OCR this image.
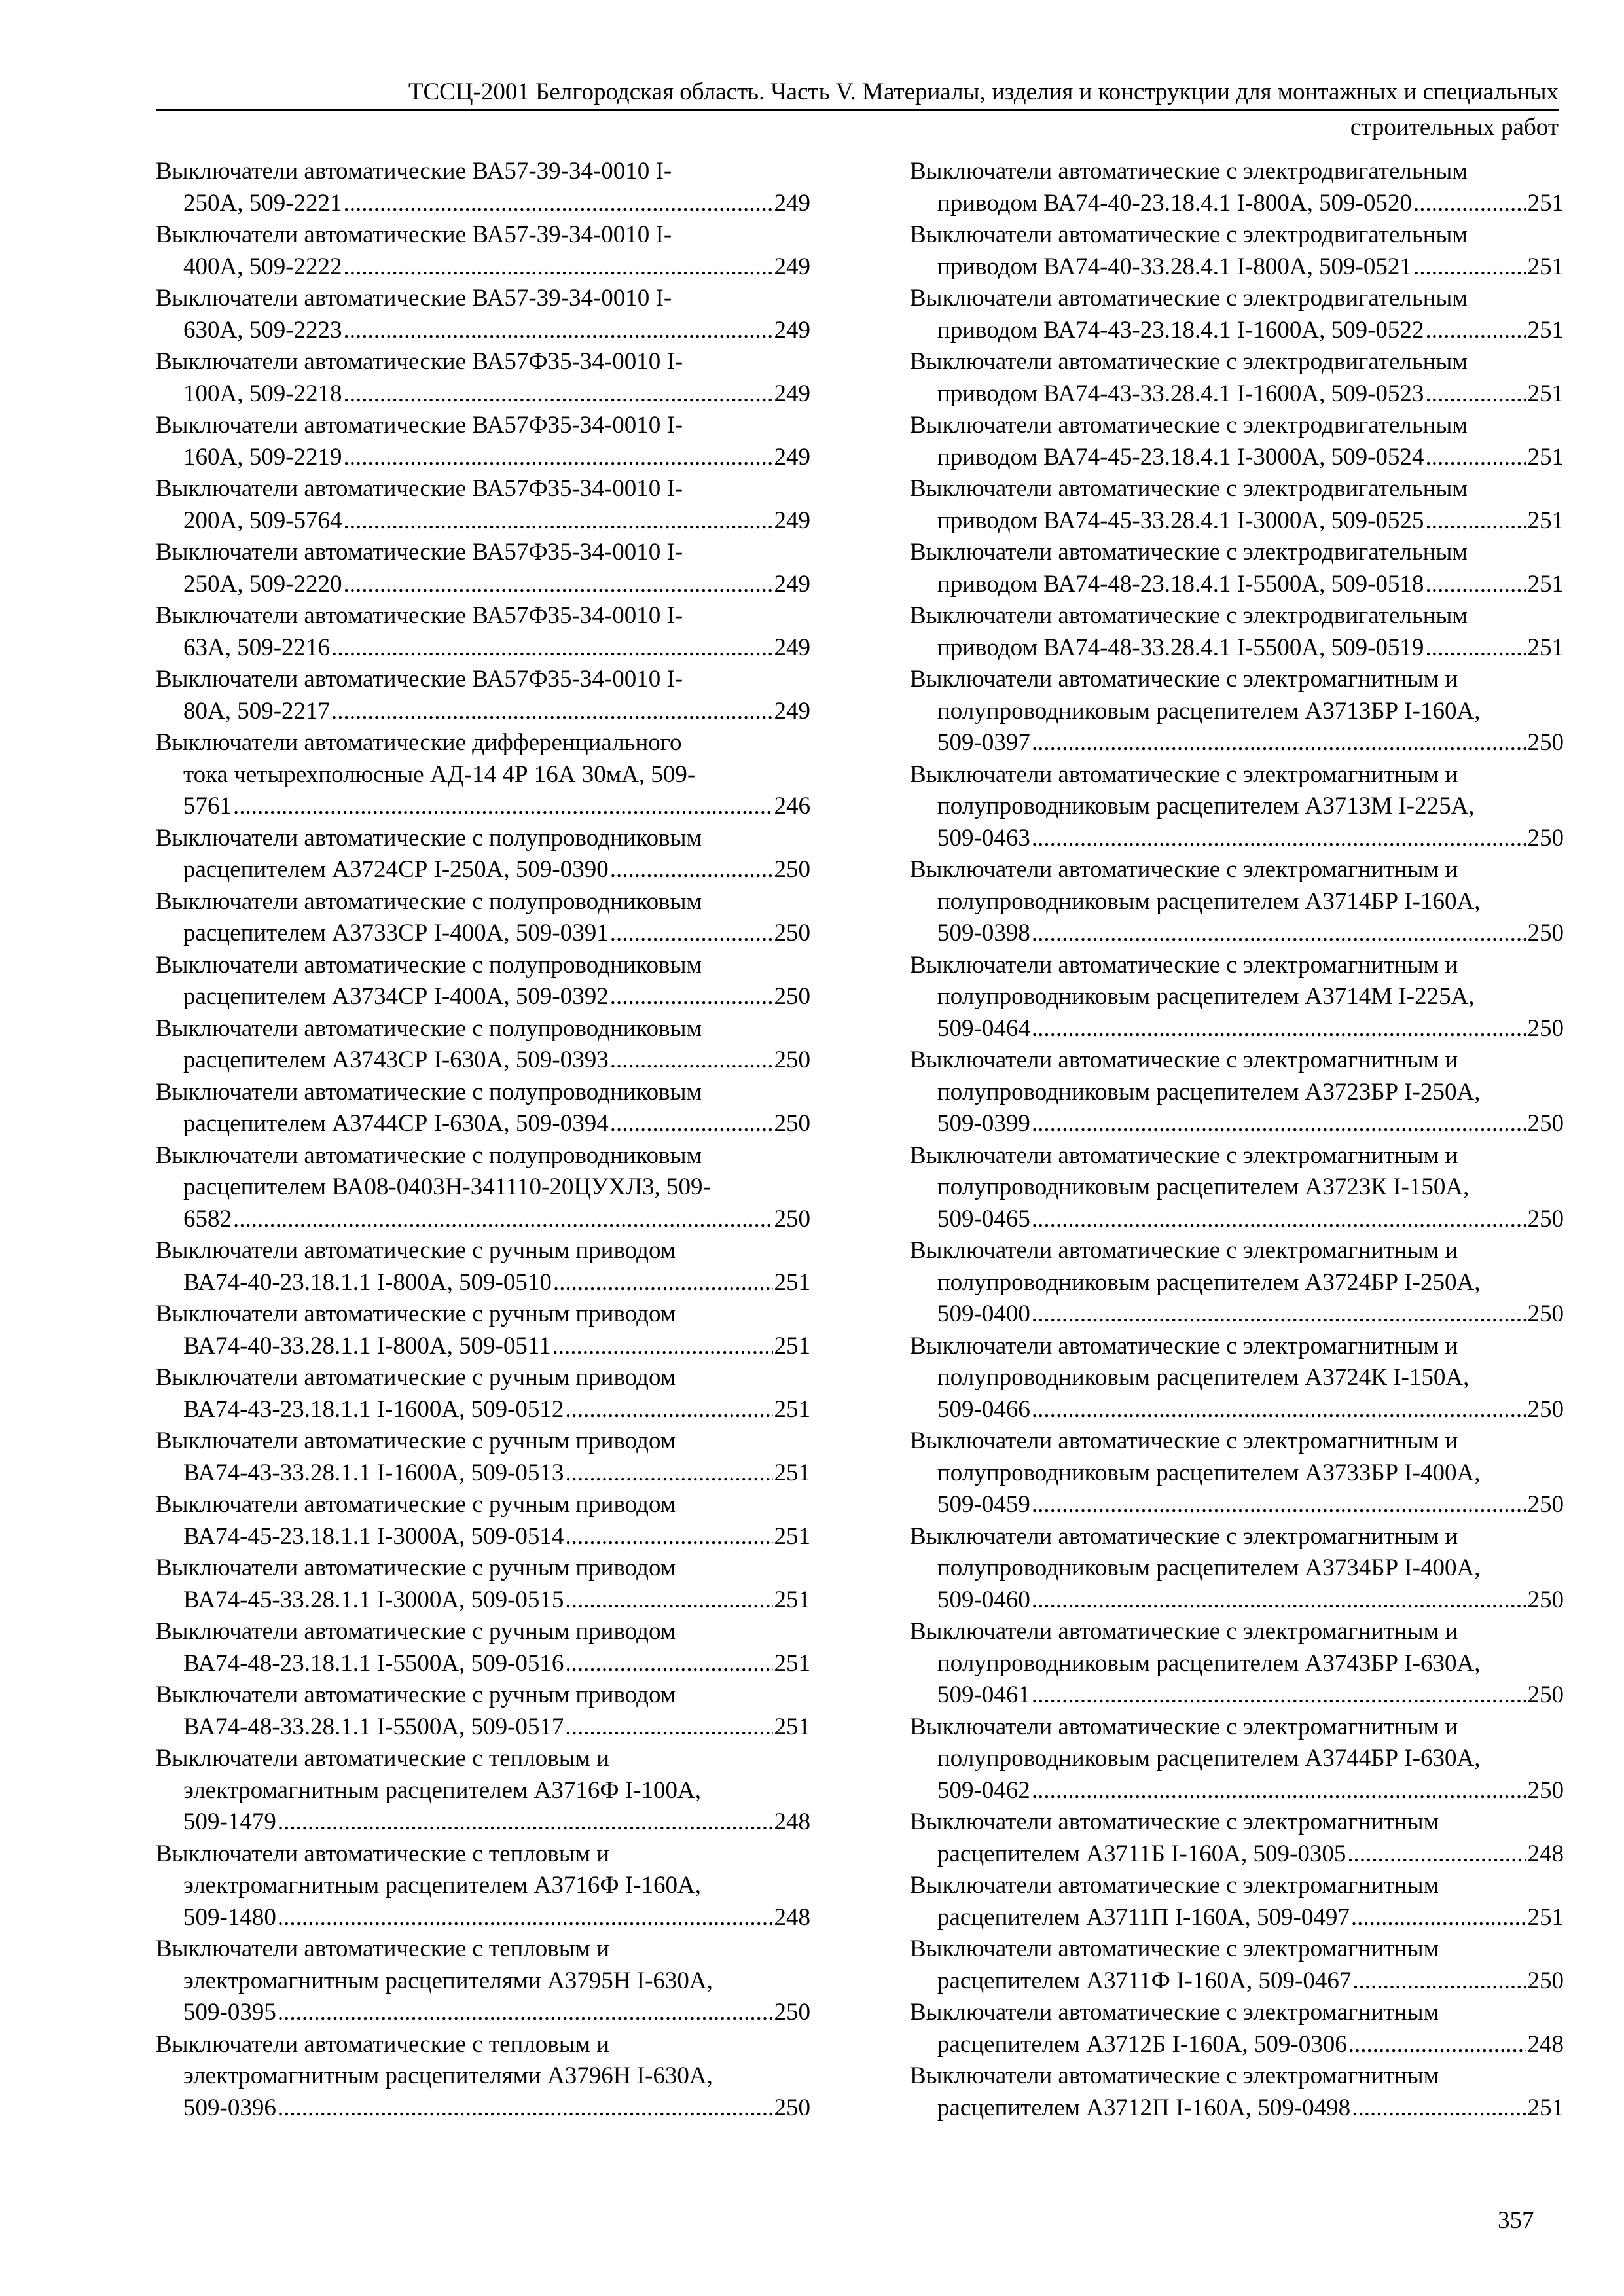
ТССЦ-2001 Белгородская область. Часть V. Материалы, изделия и конструкции для монтажных и специальных
строительных работ
Выключатели автоматические ВА57-39-34-0010 I-
250А, 509-2221 .....	249
Выключатели автоматические ВА57-39-34-0010 I-
400А, 509-2222 .....	249
Выключатели автоматические ВА57-39-34-0010 I-
630А, 509-2223 .....	249
Выключатели автоматические ВА57Ф35-34-0010 I-
100А, 509-2218 .....	249
Выключатели автоматические ВА57Ф35-34-0010 I-
160А, 509-2219 .....	249
Выключатели автоматические ВА57Ф35-34-0010 I-
200А, 509-5764 .....	249
Выключатели автоматические ВА57Ф35-34-0010 I-
250А, 509-2220 .....	249
Выключатели автоматические ВА57Ф35-34-0010 I-
63А, 509-2216 .....	249
Выключатели автоматические ВА57Ф35-34-0010 I-
80А, 509-2217 .....	249
Выключатели автоматические дифференциального
тока четырехполюсные АД-14 4Р 16А 30мА, 509-
5761 .....	246
Выключатели автоматические с полупроводниковым
расцепителем А3724СР I-250А, 509-0390 .....	250
Выключатели автоматические с полупроводниковым
расцепителем А3733СР I-400А, 509-0391 .....	250
Выключатели автоматические с полупроводниковым
расцепителем А3734СР I-400А, 509-0392 .....	250
Выключатели автоматические с полупроводниковым
расцепителем А3743СР I-630А, 509-0393 .....	250
Выключатели автоматические с полупроводниковым
расцепителем А3744СР I-630А, 509-0394 .....	250
Выключатели автоматические с полупроводниковым
расцепителем ВА08-0403Н-341110-20ЦУХЛ3, 509-
6582 .....	250
Выключатели автоматические с ручным приводом
ВА74-40-23.18.1.1 I-800А, 509-0510 .....	251
Выключатели автоматические с ручным приводом
ВА74-40-33.28.1.1 I-800А, 509-0511 .....	251
Выключатели автоматические с ручным приводом
ВА74-43-23.18.1.1 I-1600А, 509-0512 .....	251
Выключатели автоматические с ручным приводом
ВА74-43-33.28.1.1 I-1600А, 509-0513 .....	251
Выключатели автоматические с ручным приводом
ВА74-45-23.18.1.1 I-3000А, 509-0514 .....	251
Выключатели автоматические с ручным приводом
ВА74-45-33.28.1.1 I-3000А, 509-0515 .....	251
Выключатели автоматические с ручным приводом
ВА74-48-23.18.1.1 I-5500А, 509-0516 .....	251
Выключатели автоматические с ручным приводом
ВА74-48-33.28.1.1 I-5500А, 509-0517 .....	251
Выключатели автоматические с тепловым и
электромагнитным расцепителем А3716Ф I-100А,
509-1479 .....	248
Выключатели автоматические с тепловым и
электромагнитным расцепителем А3716Ф I-160А,
509-1480 .....	248
Выключатели автоматические с тепловым и
электромагнитным расцепителями А3795Н I-630А,
509-0395 .....	250
Выключатели автоматические с тепловым и
электромагнитным расцепителями А3796Н I-630А,
509-0396 .....	250
Выключатели автоматические с электродвигательным
приводом ВА74-40-23.18.4.1 I-800А, 509-0520 .....	251
Выключатели автоматические с электродвигательным
приводом ВА74-40-33.28.4.1 I-800А, 509-0521 .....	251
Выключатели автоматические с электродвигательным
приводом ВА74-43-23.18.4.1 I-1600А, 509-0522 .....	251
Выключатели автоматические с электродвигательным
приводом ВА74-43-33.28.4.1 I-1600А, 509-0523 .....	251
Выключатели автоматические с электродвигательным
приводом ВА74-45-23.18.4.1 I-3000А, 509-0524 .....	251
Выключатели автоматические с электродвигательным
приводом ВА74-45-33.28.4.1 I-3000А, 509-0525 .....	251
Выключатели автоматические с электродвигательным
приводом ВА74-48-23.18.4.1 I-5500А, 509-0518 .....	251
Выключатели автоматические с электродвигательным
приводом ВА74-48-33.28.4.1 I-5500А, 509-0519 .....	251
Выключатели автоматические с электромагнитным и
полупроводниковым расцепителем А3713БР I-160А,
509-0397 .....	250
Выключатели автоматические с электромагнитным и
полупроводниковым расцепителем А3713М I-225А,
509-0463 .....	250
Выключатели автоматические с электромагнитным и
полупроводниковым расцепителем А3714БР I-160А,
509-0398 .....	250
Выключатели автоматические с электромагнитным и
полупроводниковым расцепителем А3714М I-225А,
509-0464 .....	250
Выключатели автоматические с электромагнитным и
полупроводниковым расцепителем А3723БР I-250А,
509-0399 .....	250
Выключатели автоматические с электромагнитным и
полупроводниковым расцепителем А3723К I-150А,
509-0465 .....	250
Выключатели автоматические с электромагнитным и
полупроводниковым расцепителем А3724БР I-250А,
509-0400 .....	250
Выключатели автоматические с электромагнитным и
полупроводниковым расцепителем А3724К I-150А,
509-0466 .....	250
Выключатели автоматические с электромагнитным и
полупроводниковым расцепителем А3733БР I-400А,
509-0459 .....	250
Выключатели автоматические с электромагнитным и
полупроводниковым расцепителем А3734БР I-400А,
509-0460 .....	250
Выключатели автоматические с электромагнитным и
полупроводниковым расцепителем А3743БР I-630А,
509-0461 .....	250
Выключатели автоматические с электромагнитным и
полупроводниковым расцепителем А3744БР I-630А,
509-0462 .....	250
Выключатели автоматические с электромагнитным
расцепителем А3711Б I-160А, 509-0305 .....	248
Выключатели автоматические с электромагнитным
расцепителем А3711П I-160А, 509-0497 .....	251
Выключатели автоматические с электромагнитным
расцепителем А3711Ф I-160А, 509-0467 .....	250
Выключатели автоматические с электромагнитным
расцепителем А3712Б I-160А, 509-0306 .....	248
Выключатели автоматические с электромагнитным
расцепителем А3712П I-160А, 509-0498 .....	251
357
